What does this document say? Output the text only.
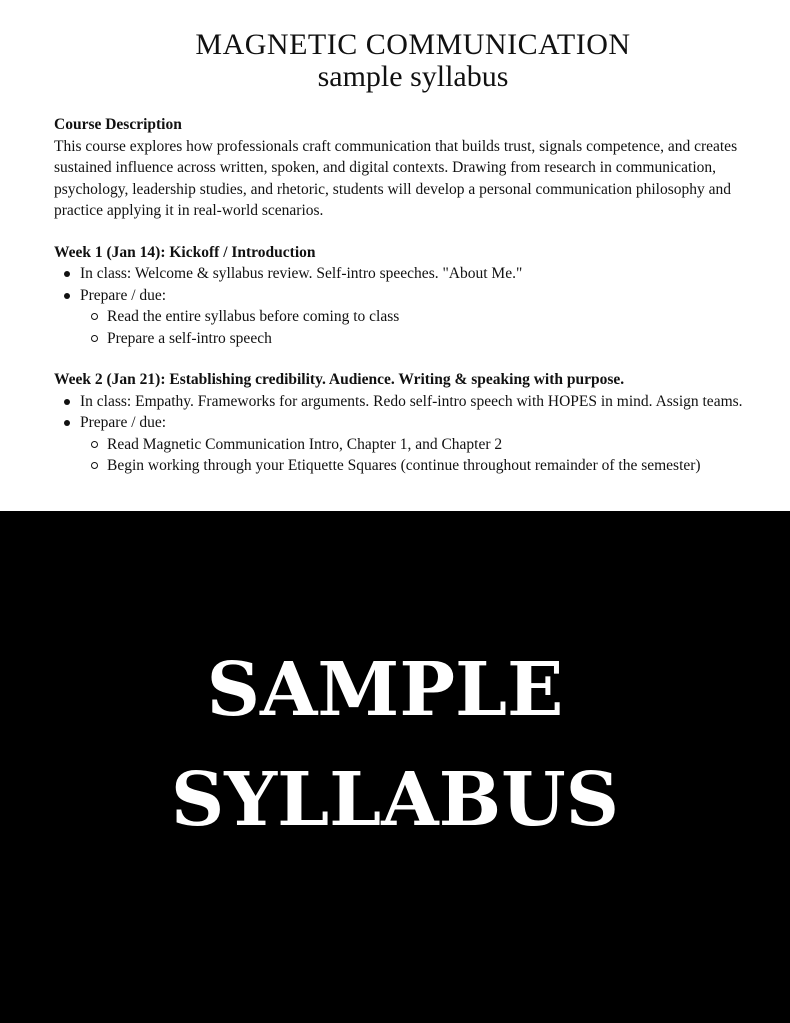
MAGNETIC COMMUNICATION
sample syllabus

Course Description

This course explores how professionals craft communication that builds trust, signals competence, and creates sustained influence across written, spoken, and digital contexts. Drawing from research in communication, psychology, leadership studies, and rhetoric, students will develop a personal communication philosophy and practice applying it in real-world scenarios.

Week 1 (Jan 14): Kickoff / Introduction

In class: Welcome & syllabus review. Self-intro speeches. "About Me."
Prepare / due:
Read the entire syllabus before coming to class
Prepare a self-intro speech

Week 2 (Jan 21): Establishing credibility. Audience. Writing & speaking with purpose.

In class: Empathy. Frameworks for arguments. Redo self-intro speech with HOPES in mind. Assign teams.
Prepare / due:
Read Magnetic Communication Intro, Chapter 1, and Chapter 2
Begin working through your Etiquette Squares (continue throughout remainder of the semester)
SAMPLE
SYLLABUS
